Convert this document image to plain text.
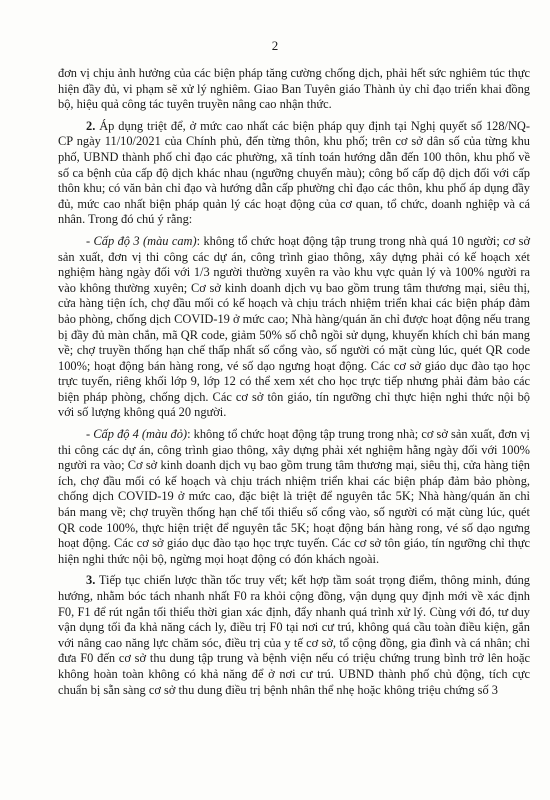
2

đơn vị chịu ảnh hưởng của các biện pháp tăng cường chống dịch, phải hết sức nghiêm túc thực hiện đầy đủ, vi phạm sẽ xử lý nghiêm. Giao Ban Tuyên giáo Thành ủy chỉ đạo triển khai đồng bộ, hiệu quả công tác tuyên truyền nâng cao nhận thức.

2. Áp dụng triệt để, ở mức cao nhất các biện pháp quy định tại Nghị quyết số 128/NQ-CP ngày 11/10/2021 của Chính phủ, đến từng thôn, khu phố; trên cơ sở dân số của từng khu phố, UBND thành phố chỉ đạo các phường, xã tính toán hướng dẫn đến 100 thôn, khu phố về số ca bệnh của cấp độ dịch khác nhau (ngưỡng chuyển màu); công bố cấp độ dịch đối với cấp thôn khu; có văn bản chỉ đạo và hướng dẫn cấp phường chỉ đạo các thôn, khu phố áp dụng đầy đủ, mức cao nhất biện pháp quản lý các hoạt động của cơ quan, tổ chức, doanh nghiệp và cá nhân. Trong đó chú ý rằng:

- Cấp độ 3 (màu cam): không tổ chức hoạt động tập trung trong nhà quá 10 người; cơ sở sản xuất, đơn vị thi công các dự án, công trình giao thông, xây dựng phải có kế hoạch xét nghiệm hàng ngày đối với 1/3 người thường xuyên ra vào khu vực quản lý và 100% người ra vào không thường xuyên; Cơ sở kinh doanh dịch vụ bao gồm trung tâm thương mại, siêu thị, cửa hàng tiện ích, chợ đầu mối có kế hoạch và chịu trách nhiệm triển khai các biện pháp đảm bảo phòng, chống dịch COVID-19 ở mức cao; Nhà hàng/quán ăn chỉ được hoạt động nếu trang bị đầy đủ màn chắn, mã QR code, giảm 50% số chỗ ngồi sử dụng, khuyến khích chỉ bán mang về; chợ truyền thống hạn chế thấp nhất số cổng vào, số người có mặt cùng lúc, quét QR code 100%; hoạt động bán hàng rong, vé số dạo ngưng hoạt động. Các cơ sở giáo dục đào tạo học trực tuyến, riêng khối lớp 9, lớp 12 có thể xem xét cho học trực tiếp nhưng phải đảm bảo các biện pháp phòng, chống dịch. Các cơ sở tôn giáo, tín ngưỡng chỉ thực hiện nghi thức nội bộ với số lượng không quá 20 người.

- Cấp độ 4 (màu đỏ): không tổ chức hoạt động tập trung trong nhà; cơ sở sản xuất, đơn vị thi công các dự án, công trình giao thông, xây dựng phải xét nghiệm hằng ngày đối với 100% người ra vào; Cơ sở kinh doanh dịch vụ bao gồm trung tâm thương mại, siêu thị, cửa hàng tiện ích, chợ đầu mối có kế hoạch và chịu trách nhiệm triển khai các biện pháp đảm bảo phòng, chống dịch COVID-19 ở mức cao, đặc biệt là triệt để nguyên tắc 5K; Nhà hàng/quán ăn chỉ bán mang về; chợ truyền thống hạn chế tối thiểu số cổng vào, số người có mặt cùng lúc, quét QR code 100%, thực hiện triệt để nguyên tắc 5K; hoạt động bán hàng rong, vé số dạo ngưng hoạt động. Các cơ sở giáo dục đào tạo học trực tuyến. Các cơ sở tôn giáo, tín ngưỡng chỉ thực hiện nghi thức nội bộ, ngừng mọi hoạt động có đón khách ngoài.

3. Tiếp tục chiến lược thần tốc truy vết; kết hợp tầm soát trọng điểm, thông minh, đúng hướng, nhằm bóc tách nhanh nhất F0 ra khỏi cộng đồng, vận dụng quy định mới về xác định F0, F1 để rút ngắn tối thiểu thời gian xác định, đẩy nhanh quá trình xử lý. Cùng với đó, tư duy vận dụng tối đa khả năng cách ly, điều trị F0 tại nơi cư trú, không quá cầu toàn điều kiện, gắn với nâng cao năng lực chăm sóc, điều trị của y tế cơ sở, tổ cộng đồng, gia đình và cá nhân; chỉ đưa F0 đến cơ sở thu dung tập trung và bệnh viện nếu có triệu chứng trung bình trở lên hoặc không hoàn toàn không có khả năng để ở nơi cư trú. UBND thành phố chủ động, tích cực chuẩn bị sẵn sàng cơ sở thu dung điều trị bệnh nhân thể nhẹ hoặc không triệu chứng số 3
